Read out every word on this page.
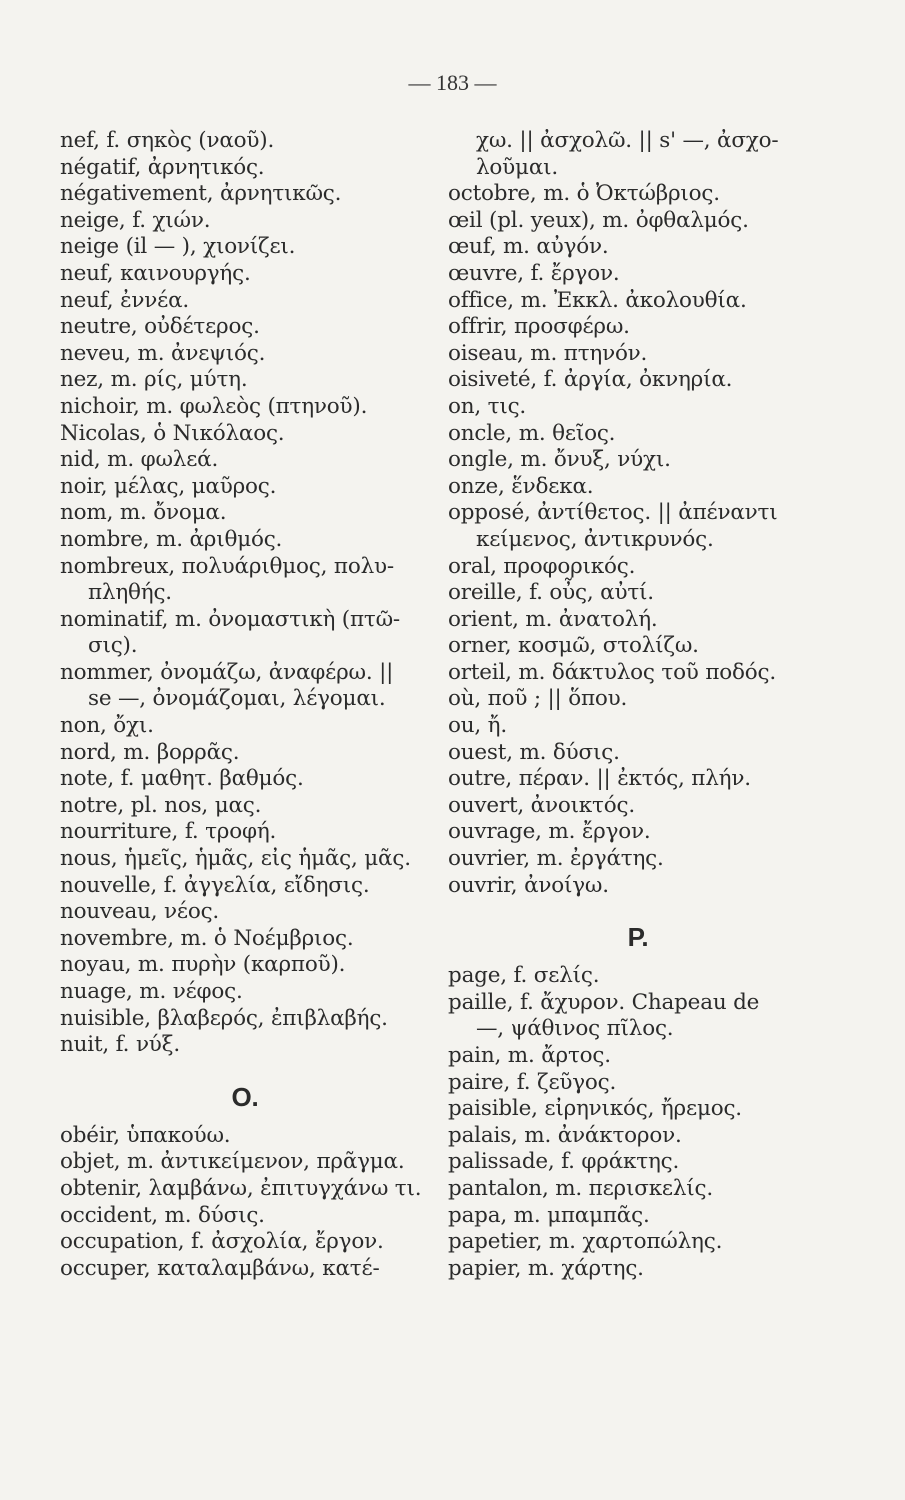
— 183 —
nef, f. σηκὸς (ναοῦ).
négatif, ἀρνητικός.
négativement, ἀρνητικῶς.
neige, f. χιών.
neige (il — ), χιονίζει.
neuf, καινουργής.
neuf, ἐννέα.
neutre, οὐδέτερος.
neveu, m. ἀνεψιός.
nez, m. ρίς, μύτη.
nichoir, m. φωλεὸς (πτηνοῦ).
Nicolas, ὁ Νικόλαος.
nid, m. φωλεά.
noir, μέλας, μαῦρος.
nom, m. ὄνομα.
nombre, m. ἀριθμός.
nombreux, πολυάριθμος, πολυ-
πληθής.
nominatif, m. ὀνομαστικὴ (πτῶ-
σις).
nommer, ὀνομάζω, ἀναφέρω. ||
se —, ὀνομάζομαι, λέγομαι.
non, ὄχι.
nord, m. βορρᾶς.
note, f. μαθητ. βαθμός.
notre, pl. nos, μας.
nourriture, f. τροφή.
nous, ἡμεῖς, ἡμᾶς, εἰς ἡμᾶς, μᾶς.
nouvelle, f. ἀγγελία, εἴδησις.
nouveau, νέος.
novembre, m. ὁ Νοέμβριος.
noyau, m. πυρὴν (καρποῦ).
nuage, m. νέφος.
nuisible, βλαβερός, ἐπιβλαβής.
nuit, f. νύξ.
O.
obéir, ὑπακούω.
objet, m. ἀντικείμενον, πρᾶγμα.
obtenir, λαμβάνω, ἐπιτυγχάνω τι.
occident, m. δύσις.
occupation, f. ἀσχολία, ἔργον.
occuper, καταλαμβάνω, κατέ-
χω. || ἀσχολῶ. || s' —, ἀσχο-
λοῦμαι.
octobre, m. ὁ Ὀκτώβριος.
œil (pl. yeux), m. ὀφθαλμός.
œuf, m. αὐγόν.
œuvre, f. ἔργον.
office, m. Ἐκκλ. ἀκολουθία.
offrir, προσφέρω.
oiseau, m. πτηνόν.
oisiveté, f. ἀργία, ὀκνηρία.
on, τις.
oncle, m. θεῖος.
ongle, m. ὄνυξ, νύχι.
onze, ἕνδεκα.
opposé, ἀντίθετος. || ἀπέναντι
κείμενος, ἀντικρυνός.
oral, προφορικός.
oreille, f. οὖς, αὐτί.
orient, m. ἀνατολή.
orner, κοσμῶ, στολίζω.
orteil, m. δάκτυλος τοῦ ποδός.
où, ποῦ ; || ὅπου.
ou, ἤ.
ouest, m. δύσις.
outre, πέραν. || ἐκτός, πλήν.
ouvert, ἀνοικτός.
ouvrage, m. ἔργον.
ouvrier, m. ἐργάτης.
ouvrir, ἀνοίγω.
P.
page, f. σελίς.
paille, f. ἄχυρον. Chapeau de
—, ψάθινος πῖλος.
pain, m. ἄρτος.
paire, f. ζεῦγος.
paisible, εἰρηνικός, ἤρεμος.
palais, m. ἀνάκτορον.
palissade, f. φράκτης.
pantalon, m. περισκελίς.
papa, m. μπαμπᾶς.
papetier, m. χαρτοπώλης.
papier, m. χάρτης.
